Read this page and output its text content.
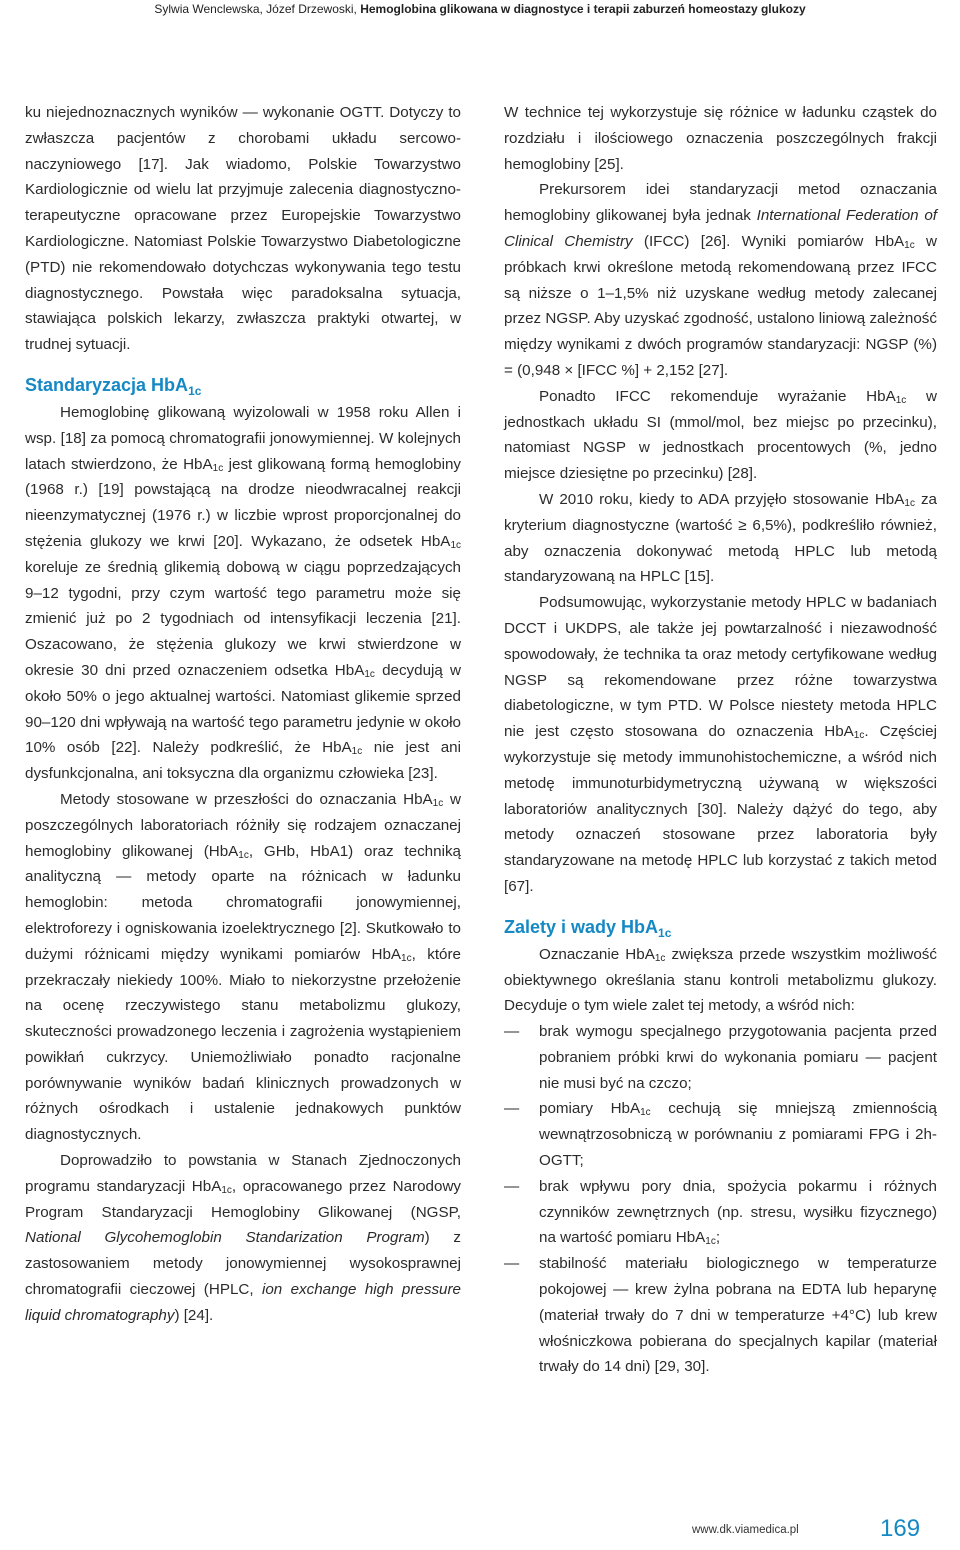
Sylwia Wenclewska, Józef Drzewoski, Hemoglobina glikowana w diagnostyce i terapii zaburzeń homeostazy glukozy

ku niejednoznacznych wyników — wykonanie OGTT. Dotyczy to zwłaszcza pacjentów z chorobami układu sercowo-naczyniowego [17]. Jak wiadomo, Polskie Towarzystwo Kardiologicznie od wielu lat przyjmuje zalecenia diagnostyczno-terapeutyczne opracowane przez Europejskie Towarzystwo Kardiologiczne. Natomiast Polskie Towarzystwo Diabetologiczne (PTD) nie rekomendowało dotychczas wykonywania tego testu diagnostycznego. Powstała więc paradoksalna sytuacja, stawiająca polskich lekarzy, zwłaszcza praktyki otwartej, w trudnej sytuacji.

Standaryzacja HbA$_{1c}$

Hemoglobinę glikowaną wyizolowali w 1958 roku Allen i wsp. [18] za pomocą chromatografii jonowymiennej. W kolejnych latach stwierdzono, że HbA$_{1c}$ jest glikowaną formą hemoglobiny (1968 r.) [19] powstającą na drodze nieodwracalnej reakcji nieenzymatycznej (1976 r.) w liczbie wprost proporcjonalnej do stężenia glukozy we krwi [20]. Wykazano, że odsetek HbA$_{1c}$ koreluje ze średnią glikemią dobową w ciągu poprzedzających 9–12 tygodni, przy czym wartość tego parametru może się zmienić już po 2 tygodniach od intensyfikacji leczenia [21]. Oszacowano, że stężenia glukozy we krwi stwierdzone w okresie 30 dni przed oznaczeniem odsetka HbA$_{1c}$ decydują w około 50% o jego aktualnej wartości. Natomiast glikemie sprzed 90–120 dni wpływają na wartość tego parametru jedynie w około 10% osób [22]. Należy podkreślić, że HbA$_{1c}$ nie jest ani dysfunkcjonalna, ani toksyczna dla organizmu człowieka [23].

Metody stosowane w przeszłości do oznaczania HbA$_{1c}$ w poszczególnych laboratoriach różniły się rodzajem oznaczanej hemoglobiny glikowanej (HbA$_{1c}$, GHb, HbA1) oraz techniką analityczną — metody oparte na różnicach w ładunku hemoglobin: metoda chromatografii jonowymiennej, elektroforezy i ogniskowania izoelektrycznego [2]. Skutkowało to dużymi różnicami między wynikami pomiarów HbA$_{1c}$, które przekraczały niekiedy 100%. Miało to niekorzystne przełożenie na ocenę rzeczywistego stanu metabolizmu glukozy, skuteczności prowadzonego leczenia i zagrożenia wystąpieniem powikłań cukrzycy. Uniemożliwiało ponadto racjonalne porównywanie wyników badań klinicznych prowadzonych w różnych ośrodkach i ustalenie jednakowych punktów diagnostycznych.

Doprowadziło to powstania w Stanach Zjednoczonych programu standaryzacji HbA$_{1c}$, opracowanego przez Narodowy Program Standaryzacji Hemoglobiny Glikowanej (NGSP, National Glycohemoglobin Standarization Program) z zastosowaniem metody jonowymiennej wysokosprawnej chromatografii cieczowej (HPLC, ion exchange high pressure liquid chromatography) [24].

W technice tej wykorzystuje się różnice w ładunku cząstek do rozdziału i ilościowego oznaczenia poszczególnych frakcji hemoglobiny [25].

Prekursorem idei standaryzacji metod oznaczania hemoglobiny glikowanej była jednak International Federation of Clinical Chemistry (IFCC) [26]. Wyniki pomiarów HbA$_{1c}$ w próbkach krwi określone metodą rekomendowaną przez IFCC są niższe o 1–1,5% niż uzyskane według metody zalecanej przez NGSP. Aby uzyskać zgodność, ustalono liniową zależność między wynikami z dwóch programów standaryzacji: NGSP (%) = (0,948 × [IFCC %] + 2,152 [27].

Ponadto IFCC rekomenduje wyrażanie HbA$_{1c}$ w jednostkach układu SI (mmol/mol, bez miejsc po przecinku), natomiast NGSP w jednostkach procentowych (%, jedno miejsce dziesiętne po przecinku) [28].

W 2010 roku, kiedy to ADA przyjęło stosowanie HbA$_{1c}$ za kryterium diagnostyczne (wartość ≥ 6,5%), podkreśliło również, aby oznaczenia dokonywać metodą HPLC lub metodą standaryzowaną na HPLC [15].

Podsumowując, wykorzystanie metody HPLC w badaniach DCCT i UKDPS, ale także jej powtarzalność i niezawodność spowodowały, że technika ta oraz metody certyfikowane według NGSP są rekomendowane przez różne towarzystwa diabetologiczne, w tym PTD. W Polsce niestety metoda HPLC nie jest często stosowana do oznaczenia HbA$_{1c}$. Częściej wykorzystuje się metody immunohistochemiczne, a wśród nich metodę immunoturbidymetryczną używaną w większości laboratoriów analitycznych [30]. Należy dążyć do tego, aby metody oznaczeń stosowane przez laboratoria były standaryzowane na metodę HPLC lub korzystać z takich metod [67].

Zalety i wady HbA$_{1c}$

Oznaczanie HbA$_{1c}$ zwiększa przede wszystkim możliwość obiektywnego określania stanu kontroli metabolizmu glukozy. Decyduje o tym wiele zalet tej metody, a wśród nich:

— brak wymogu specjalnego przygotowania pacjenta przed pobraniem próbki krwi do wykonania pomiaru — pacjent nie musi być na czczo;
— pomiary HbA$_{1c}$ cechują się mniejszą zmiennością wewnątrzosobniczą w porównaniu z pomiarami FPG i 2h-OGTT;
— brak wpływu pory dnia, spożycia pokarmu i różnych czynników zewnętrznych (np. stresu, wysiłku fizycznego) na wartość pomiaru HbA$_{1c}$;
— stabilność materiału biologicznego w temperaturze pokojowej — krew żylna pobrana na EDTA lub heparynę (materiał trwały do 7 dni w temperaturze +4°C) lub krew włośniczkowa pobierana do specjalnych kapilar (materiał trwały do 14 dni) [29, 30].
www.dk.viamedica.pl	169
